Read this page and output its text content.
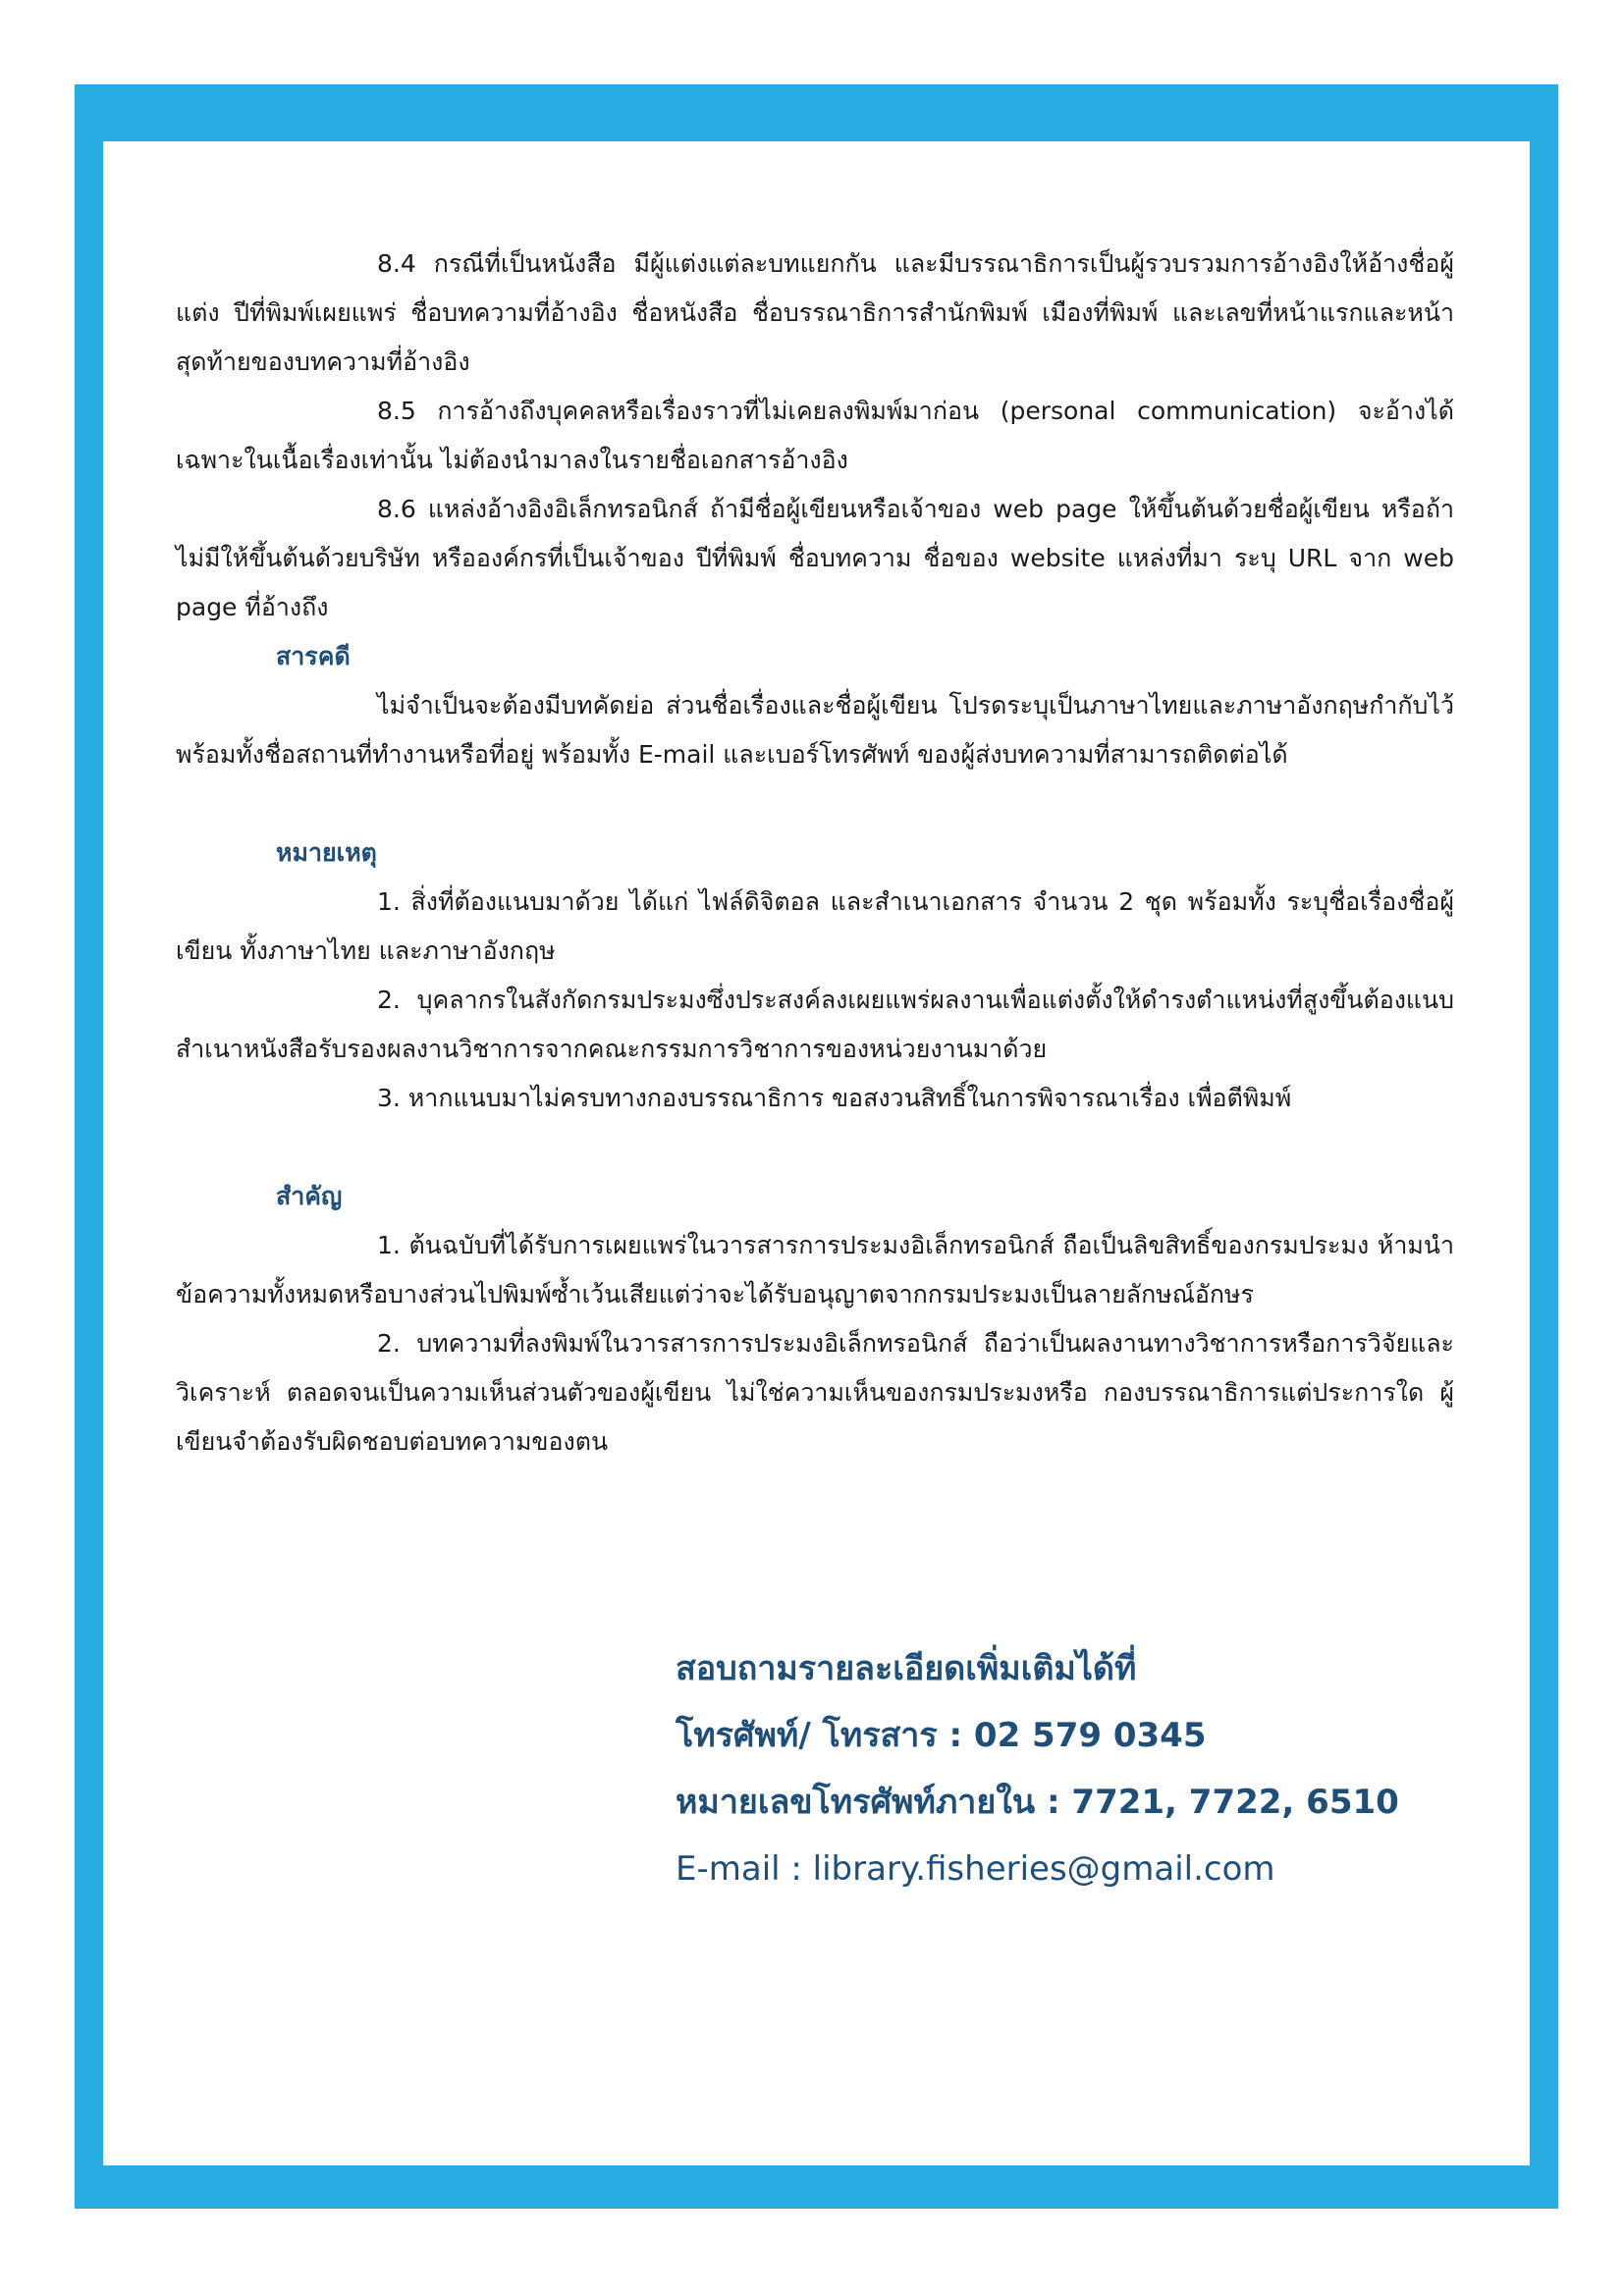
8.4 กรณีที่เป็นหนังสือ มีผู้แต่งแต่ละบทแยกกัน และมีบรรณาธิการเป็นผู้รวบรวมการอ้างอิงให้อ้างชื่อผู้แต่ง ปีที่พิมพ์เผยแพร่ ชื่อบทความที่อ้างอิง ชื่อหนังสือ ชื่อบรรณาธิการสำนักพิมพ์ เมืองที่พิมพ์ และเลขที่หน้าแรกและหน้าสุดท้ายของบทความที่อ้างอิง

8.5 การอ้างถึงบุคคลหรือเรื่องราวที่ไม่เคยลงพิมพ์มาก่อน (personal communication) จะอ้างได้เฉพาะในเนื้อเรื่องเท่านั้น ไม่ต้องนำมาลงในรายชื่อเอกสารอ้างอิง

8.6 แหล่งอ้างอิงอิเล็กทรอนิกส์ ถ้ามีชื่อผู้เขียนหรือเจ้าของ web page ให้ขึ้นต้นด้วยชื่อผู้เขียน หรือถ้าไม่มีให้ขึ้นต้นด้วยบริษัท หรือองค์กรที่เป็นเจ้าของ ปีที่พิมพ์ ชื่อบทความ ชื่อของ website แหล่งที่มา ระบุ URL จาก web page ที่อ้างถึง

สารคดี

ไม่จำเป็นจะต้องมีบทคัดย่อ ส่วนชื่อเรื่องและชื่อผู้เขียน โปรดระบุเป็นภาษาไทยและภาษาอังกฤษกำกับไว้ พร้อมทั้งชื่อสถานที่ทำงานหรือที่อยู่ พร้อมทั้ง E-mail และเบอร์โทรศัพท์ ของผู้ส่งบทความที่สามารถติดต่อได้

หมายเหตุ

1. สิ่งที่ต้องแนบมาด้วย ได้แก่ ไฟล์ดิจิตอล และสำเนาเอกสาร จำนวน 2 ชุด พร้อมทั้ง ระบุชื่อเรื่องชื่อผู้เขียน ทั้งภาษาไทย และภาษาอังกฤษ

2. บุคลากรในสังกัดกรมประมงซึ่งประสงค์ลงเผยแพร่ผลงานเพื่อแต่งตั้งให้ดำรงตำแหน่งที่สูงขึ้นต้องแนบสำเนาหนังสือรับรองผลงานวิชาการจากคณะกรรมการวิชาการของหน่วยงานมาด้วย

3. หากแนบมาไม่ครบทางกองบรรณาธิการ ขอสงวนสิทธิ์ในการพิจารณาเรื่อง เพื่อตีพิมพ์

สำคัญ

1. ต้นฉบับที่ได้รับการเผยแพร่ในวารสารการประมงอิเล็กทรอนิกส์ ถือเป็นลิขสิทธิ์ของกรมประมง ห้ามนำข้อความทั้งหมดหรือบางส่วนไปพิมพ์ซ้ำเว้นเสียแต่ว่าจะได้รับอนุญาตจากกรมประมงเป็นลายลักษณ์อักษร

2. บทความที่ลงพิมพ์ในวารสารการประมงอิเล็กทรอนิกส์ ถือว่าเป็นผลงานทางวิชาการหรือการวิจัยและวิเคราะห์ ตลอดจนเป็นความเห็นส่วนตัวของผู้เขียน ไม่ใช่ความเห็นของกรมประมงหรือ กองบรรณาธิการแต่ประการใด ผู้เขียนจำต้องรับผิดชอบต่อบทความของตน

สอบถามรายละเอียดเพิ่มเติมได้ที่

โทรศัพท์/ โทรสาร : 02 579 0345

หมายเลขโทรศัพท์ภายใน : 7721, 7722, 6510

E-mail : library.fisheries@gmail.com
